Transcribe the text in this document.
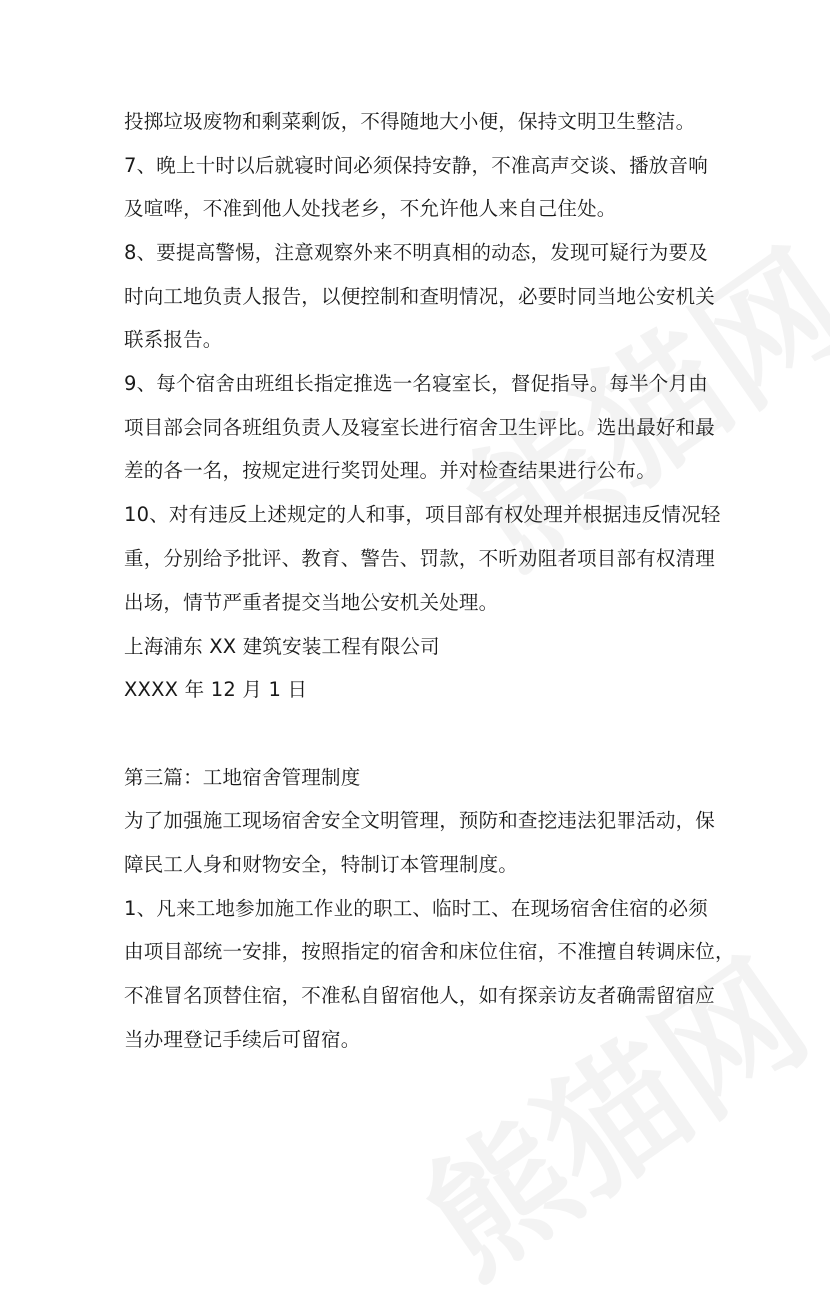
投掷垃圾废物和剩菜剩饭，不得随地大小便，保持文明卫生整洁。
7、晚上十时以后就寝时间必须保持安静，不准高声交谈、播放音响
及喧哗，不准到他人处找老乡，不允许他人来自己住处。
8、要提高警惕，注意观察外来不明真相的动态，发现可疑行为要及
时向工地负责人报告，以便控制和查明情况，必要时同当地公安机关
联系报告。
9、每个宿舍由班组长指定推选一名寝室长，督促指导。每半个月由
项目部会同各班组负责人及寝室长进行宿舍卫生评比。选出最好和最
差的各一名，按规定进行奖罚处理。并对检查结果进行公布。
10、对有违反上述规定的人和事，项目部有权处理并根据违反情况轻
重，分别给予批评、教育、警告、罚款，不听劝阻者项目部有权清理
出场，情节严重者提交当地公安机关处理。
上海浦东 XX 建筑安装工程有限公司
XXXX 年 12 月 1 日
第三篇：工地宿舍管理制度
为了加强施工现场宿舍安全文明管理，预防和查挖违法犯罪活动，保
障民工人身和财物安全，特制订本管理制度。
1、凡来工地参加施工作业的职工、临时工、在现场宿舍住宿的必须
由项目部统一安排，按照指定的宿舍和床位住宿，不准擅自转调床位，
不准冒名顶替住宿，不准私自留宿他人，如有探亲访友者确需留宿应
当办理登记手续后可留宿。
